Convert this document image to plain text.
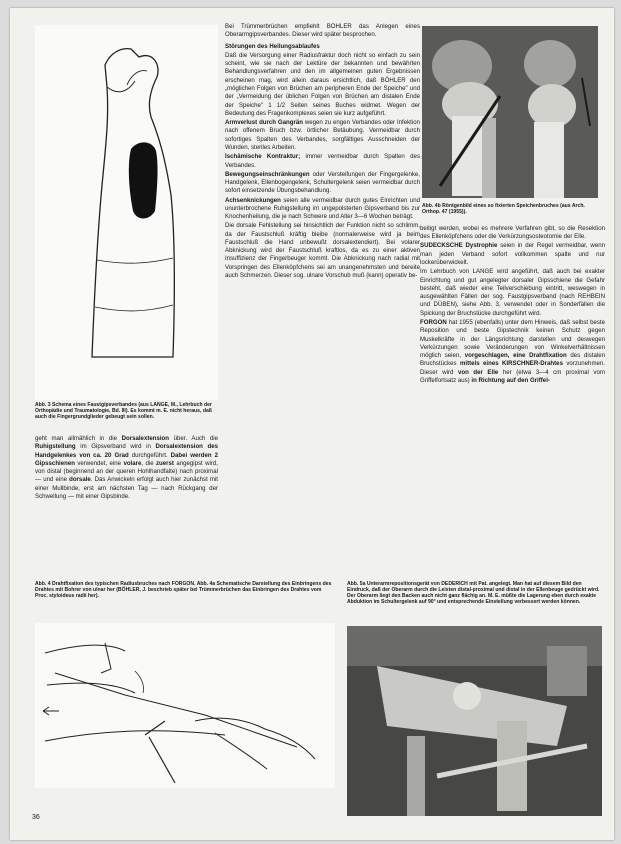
Abb. 3 Schema eines Faustgipsverbandes (aus LANGE, M., Lehrbuch der Orthopädie und Traumatologie, Bd. III). Es kommt m. E. nicht heraus, daß auch die Fingergrundglieder gebeugt sein sollen.

geht man allmählich in die Dorsalextension über. Auch die Ruhigstellung im Gipsverband wird in Dorsalextension des Handgelenkes von ca. 20 Grad durchgeführt. Dabei werden 2 Gipsschienen verwendet, eine volare, die zuerst angegipst wird, von distal (beginnend an der queren Hohlhandfalte) nach proximal — und eine dorsale. Das Anwickeln erfolgt auch hier zunächst mit einer Mullbinde, erst am nächsten Tag — nach Rückgang der Schwellung — mit einer Gipsbinde.

Bei Trümmerbrüchen empfiehlt BÖHLER das Anlegen eines Oberarmgipsverbandes. Dieser wird später besprochen.

Störungen des Heilungsablaufes

Daß die Versorgung einer Radiusfraktur doch nicht so einfach zu sein scheint, wie sie nach der Lektüre der bekannten und bewährten Behandlungsverfahren und den im allgemeinen guten Ergebnissen erscheinen mag, wird allein daraus ersichtlich, daß BÖHLER den „möglichen Folgen von Brüchen am peripheren Ende der Speiche" und der „Vermeidung der üblichen Folgen von Brüchen am distalen Ende der Speiche" 1 1/2 Seiten seines Buches widmet. Wegen der Bedeutung des Fragenkomplexes seien sie kurz aufgeführt.

Armverlust durch Gangrän wegen zu engen Verbandes oder Infektion nach offenem Bruch bzw. örtlicher Betäubung. Vermeidbar durch sofortiges Spalten des Verbandes, sorgfältiges Ausschneiden der Wunden, steriles Arbeiten.

Ischämische Kontraktur; immer vermeidbar durch Spalten des Verbandes.

Bewegungseinschränkungen oder Versteifungen der Fingergelenke, Handgelenk, Ellenbogengelenk, Schultergelenk seien vermeidbar durch sofort einsetzende Übungsbehandlung.

Achsenknickungen seien alle vermeidbar durch gutes Einrichten und ununterbrochene Ruhigstellung im ungepolsterten Gipsverband bis zur Knochenheilung, die je nach Schwere und Alter 3—6 Wochen beträgt.

Die dorsale Fehlstellung sei hinsichtlich der Funktion nicht so schlimm, da der Faustschluß kräftig bleibe (normalerweise wird ja beim Faustschluß die Hand unbewußt dorsalextendiert). Bei volarer Abknickung wird der Faustschluß kraftlos, da es zu einer aktiven Insuffizienz der Fingerbeuger kommt. Die Abknickung nach radial mit Vorspringen des Ellenköpfchens sei am unangenehmsten und bereite auch Schmerzen. Dieser sog. ulnare Vorschub muß (kann) operativ be-

Abb. 4b Röntgenbild eines so fixierten Speichenbruches (aus Arch. Orthop. 47 (1955)).

beitigt werden, wobei es mehrere Verfahren gibt, so die Resektion des Ellenköpfchens oder die Verkürzungsosteotomie der Elle.

SUDECKSCHE Dystrophie seien in der Regel vermeidbar, wenn man jeden Verband sofort vollkommen spalte und nur lockerüberwickelt.

Im Lehrbuch von LANGE wird angeführt, daß auch bei exakter Einrichtung und gut angelegter dorsaler Gipsschiene die Gefahr besteht, daß wieder eine Teilverschiebung eintritt, weswegen in ausgewählten Fällen der sog. Faustgipsverband (nach REHBEIN und DÜBEN), siehe Abb. 3, verwendet oder in Sonderfällen die Spickung der Bruchstücke durchgeführt wird.

FORGON hat 1955 (ebenfalls) unter dem Hinweis, daß selbst beste Reposition und beste Gipstechnik keinen Schutz gegen Muskelkräfte in der Längsrichtung darstellen und deswegen Verkürzungen sowie Veränderungen von Winkelverhältnissen möglich seien, vorgeschlagen, eine Drahtfixation des distalen Bruchstückes mittels eines KIRSCHNER-Drahtes vorzunehmen. Dieser wird von der Elle her (etwa 3—4 cm proximal vom Griffelfortsatz aus) in Richtung auf den Griffel-

Abb. 4 Drahtfixation des typischen Radiusbruches nach FORGON. Abb. 4a Schematische Darstellung des Einbringens des Drahtes mit Bohrer von ulnar her (BÖHLER, J. beschrieb später bei Trümmerbrüchen das Einbringen des Drahtes vom Proc. styloideus radii her).
Abb. 5a Unterarmrepositionsgerät von DEDERICH mit Pat. angelegt. Man hat auf diesem Bild den Eindruck, daß der Oberarm durch die Leisten distal-proximal und distal in der Ellenbeuge gedrückt wird. Der Oberarm liegt den Backen auch nicht ganz flächig an. M. E. müßte die Lagerung eben durch exakte Abduktion im Schultergelenk auf 90° und entsprechende Einstellung verbessert werden können.
36
